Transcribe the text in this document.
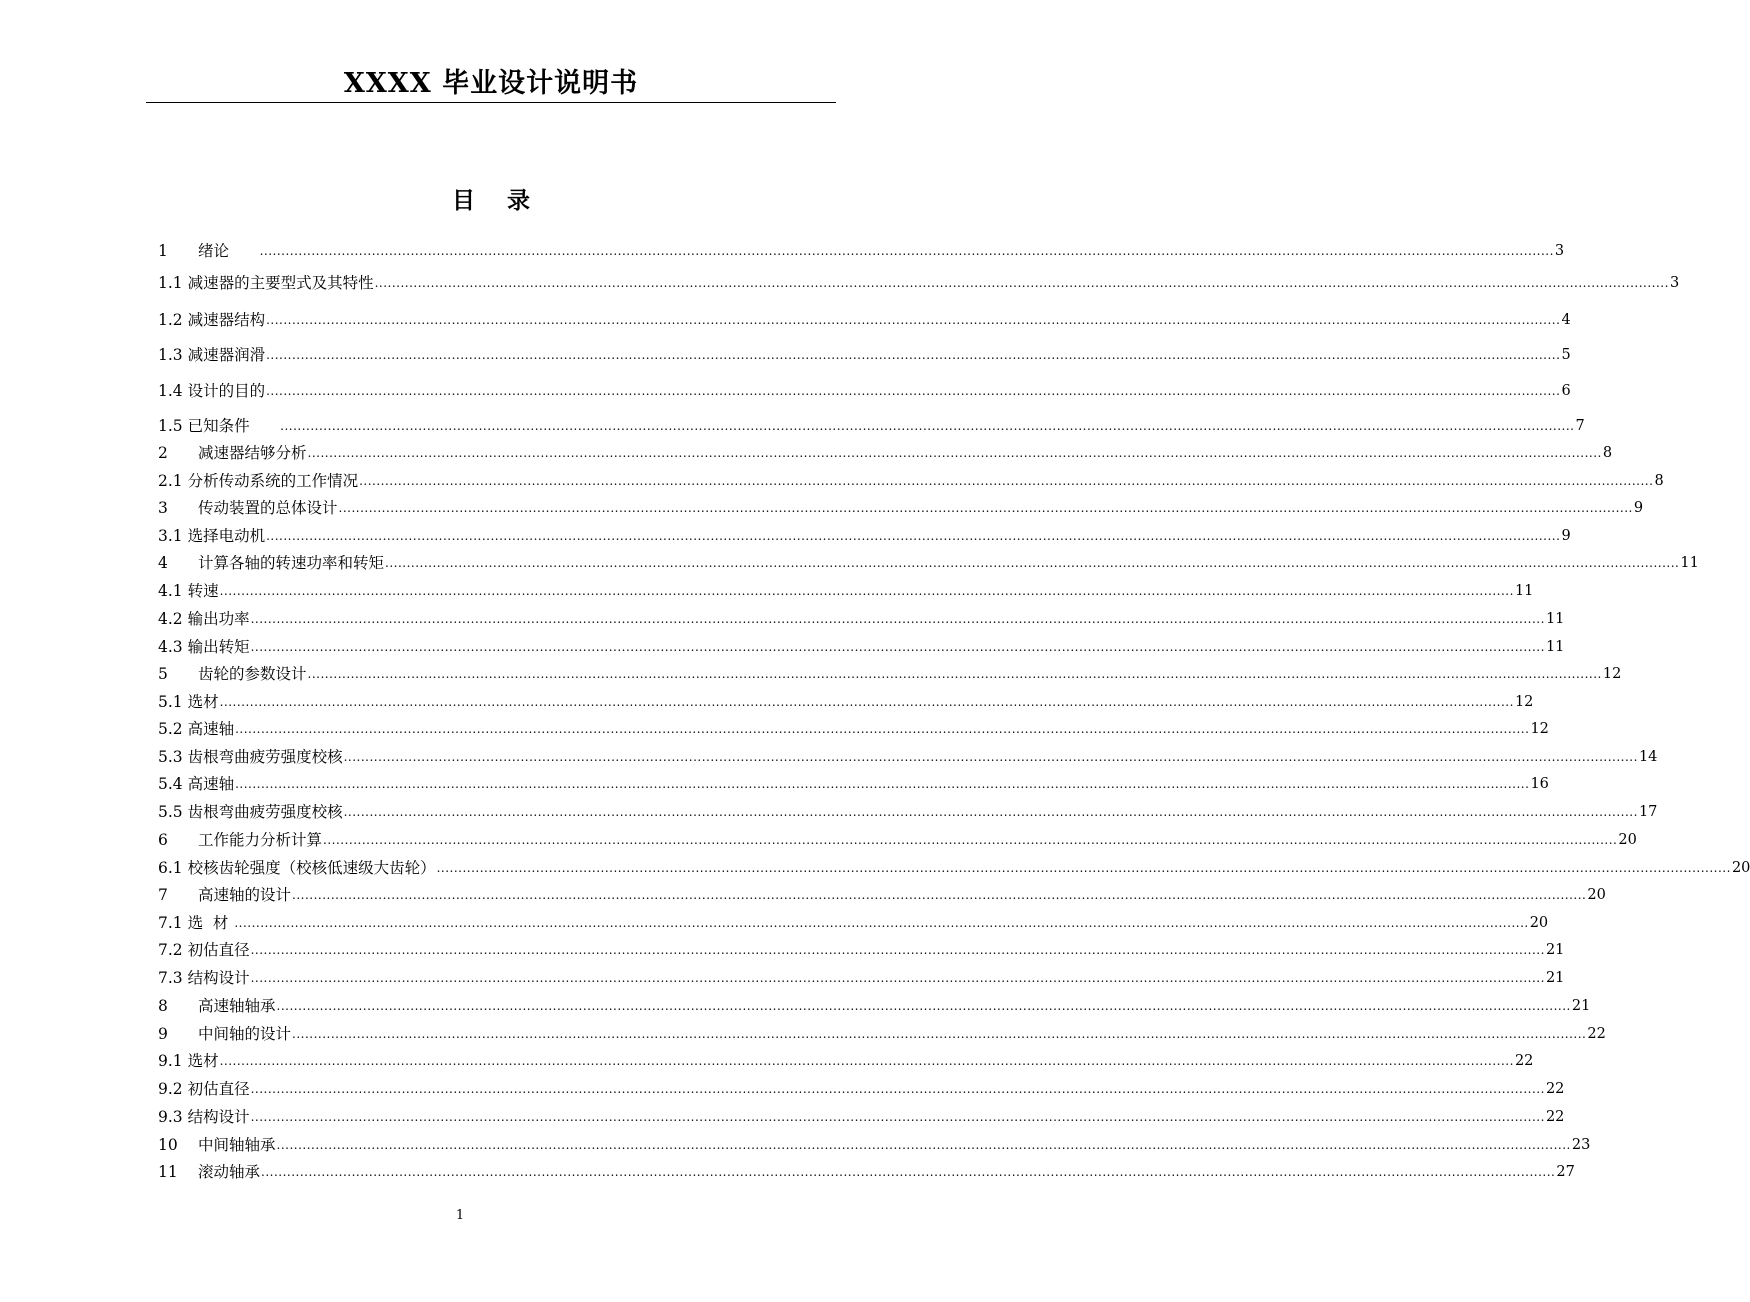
XXXX 毕业设计说明书
目    录
1	绪论 ............................................................................................................................................................................................................................................................................................................ 3
1.1 减速器的主要型式及其特性 ............................................................................................................................................................................................................................................................................................................ 3
1.2 减速器结构 ............................................................................................................................................................................................................................................................................................................ 4
1.3 减速器润滑 ............................................................................................................................................................................................................................................................................................................ 5
1.4 设计的目的 ............................................................................................................................................................................................................................................................................................................ 6
1.5 已知条件 ............................................................................................................................................................................................................................................................................................................ 7
2	减速器结够分析 ............................................................................................................................................................................................................................................................................................................ 8
2.1 分析传动系统的工作情况 ............................................................................................................................................................................................................................................................................................................ 8
3	传动装置的总体设计 ............................................................................................................................................................................................................................................................................................................ 9
3.1 选择电动机 ............................................................................................................................................................................................................................................................................................................ 9
4	计算各轴的转速功率和转矩 ............................................................................................................................................................................................................................................................................................................ 11
4.1 转速 ............................................................................................................................................................................................................................................................................................................ 11
4.2 输出功率 ............................................................................................................................................................................................................................................................................................................ 11
4.3 输出转矩 ............................................................................................................................................................................................................................................................................................................ 11
5	齿轮的参数设计 ............................................................................................................................................................................................................................................................................................................ 12
5.1 选材 ............................................................................................................................................................................................................................................................................................................ 12
5.2 高速轴 ............................................................................................................................................................................................................................................................................................................ 12
5.3 齿根弯曲疲劳强度校核 ............................................................................................................................................................................................................................................................................................................ 14
5.4 高速轴 ............................................................................................................................................................................................................................................................................................................ 16
5.5 齿根弯曲疲劳强度校核 ............................................................................................................................................................................................................................................................................................................ 17
6	工作能力分析计算 ............................................................................................................................................................................................................................................................................................................ 20
6.1 校核齿轮强度（校核低速级大齿轮） ............................................................................................................................................................................................................................................................................................................ 20
7	高速轴的设计 ............................................................................................................................................................................................................................................................................................................ 20
7.1 选  材 ............................................................................................................................................................................................................................................................................................................ 20
7.2 初估直径 ............................................................................................................................................................................................................................................................................................................ 21
7.3 结构设计 ............................................................................................................................................................................................................................................................................................................ 21
8	高速轴轴承 ............................................................................................................................................................................................................................................................................................................ 21
9	中间轴的设计 ............................................................................................................................................................................................................................................................................................................ 22
9.1 选材 ............................................................................................................................................................................................................................................................................................................ 22
9.2 初估直径 ............................................................................................................................................................................................................................................................................................................ 22
9.3 结构设计 ............................................................................................................................................................................................................................................................................................................ 22
10	中间轴轴承 ............................................................................................................................................................................................................................................................................................................ 23
11	滚动轴承 ............................................................................................................................................................................................................................................................................................................ 27
1
